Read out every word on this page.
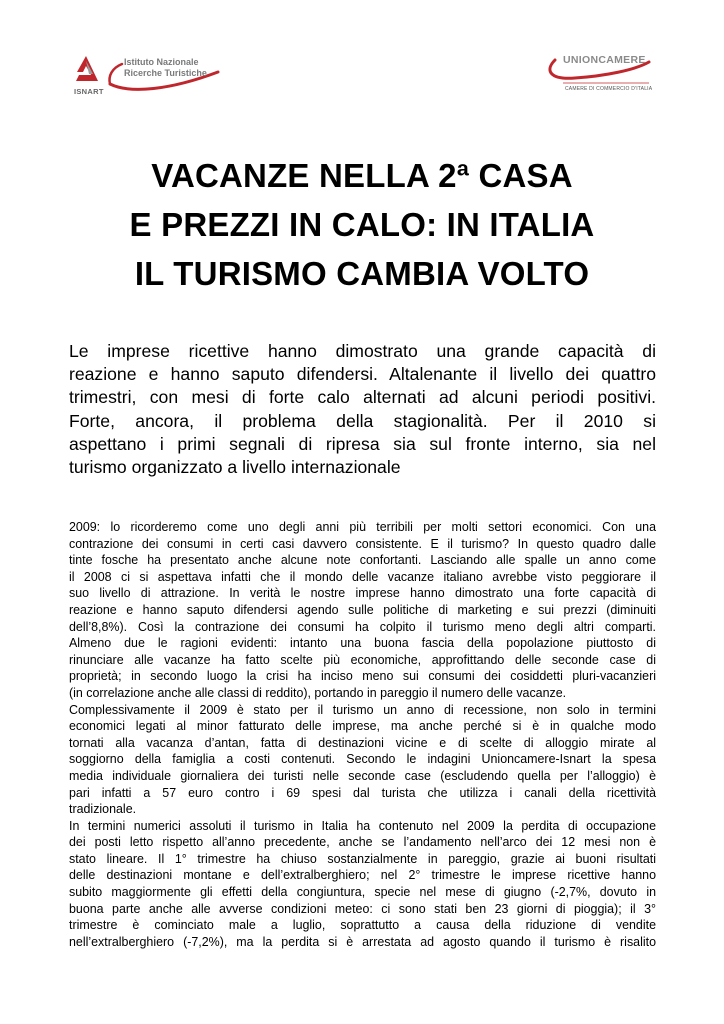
Istituto Nazionale
Ricerche Turistiche
ISNART
UNIONCAMERE
CAMERE DI COMMERCIO D'ITALIA
VACANZE NELLA 2ª CASA
E PREZZI IN CALO: IN ITALIA
IL TURISMO CAMBIA VOLTO
Le imprese ricettive hanno dimostrato una grande capacità di
reazione e hanno saputo difendersi. Altalenante il livello dei quattro
trimestri, con mesi di forte calo alternati ad alcuni periodi positivi.
Forte, ancora, il problema della stagionalità. Per il 2010 si
aspettano i primi segnali di ripresa sia sul fronte interno, sia nel
turismo organizzato a livello internazionale
2009: lo ricorderemo come uno degli anni più terribili per molti settori economici. Con una
contrazione dei consumi in certi casi davvero consistente. E il turismo? In questo quadro dalle
tinte fosche ha presentato anche alcune note confortanti. Lasciando alle spalle un anno come
il 2008 ci si aspettava infatti che il mondo delle vacanze italiano avrebbe visto peggiorare il
suo livello di attrazione. In verità le nostre imprese hanno dimostrato una forte capacità di
reazione e hanno saputo difendersi agendo sulle politiche di marketing e sui prezzi (diminuiti
dell’8,8%). Così la contrazione dei consumi ha colpito il turismo meno degli altri comparti.
Almeno due le ragioni evidenti: intanto una buona fascia della popolazione piuttosto di
rinunciare alle vacanze ha fatto scelte più economiche, approfittando delle seconde case di
proprietà; in secondo luogo la crisi ha inciso meno sui consumi dei cosiddetti pluri-vacanzieri
(in correlazione anche alle classi di reddito), portando in pareggio il numero delle vacanze.
Complessivamente il 2009 è stato per il turismo un anno di recessione, non solo in termini
economici legati al minor fatturato delle imprese, ma anche perché si è in qualche modo
tornati alla vacanza d’antan, fatta di destinazioni vicine e di scelte di alloggio mirate al
soggiorno della famiglia a costi contenuti. Secondo le indagini Unioncamere-Isnart la spesa
media individuale giornaliera dei turisti nelle seconde case (escludendo quella per l’alloggio) è
pari infatti a 57 euro contro i 69 spesi dal turista che utilizza i canali della ricettività
tradizionale.
In termini numerici assoluti il turismo in Italia ha contenuto nel 2009 la perdita di occupazione
dei posti letto rispetto all’anno precedente, anche se l’andamento nell’arco dei 12 mesi non è
stato lineare. Il 1° trimestre ha chiuso sostanzialmente in pareggio, grazie ai buoni risultati
delle destinazioni montane e dell’extralberghiero; nel 2° trimestre le imprese ricettive hanno
subito maggiormente gli effetti della congiuntura, specie nel mese di giugno (-2,7%, dovuto in
buona parte anche alle avverse condizioni meteo: ci sono stati ben 23 giorni di pioggia); il 3°
trimestre è cominciato male a luglio, soprattutto a causa della riduzione di vendite
nell’extralberghiero (-7,2%), ma la perdita si è arrestata ad agosto quando il turismo è risalito
